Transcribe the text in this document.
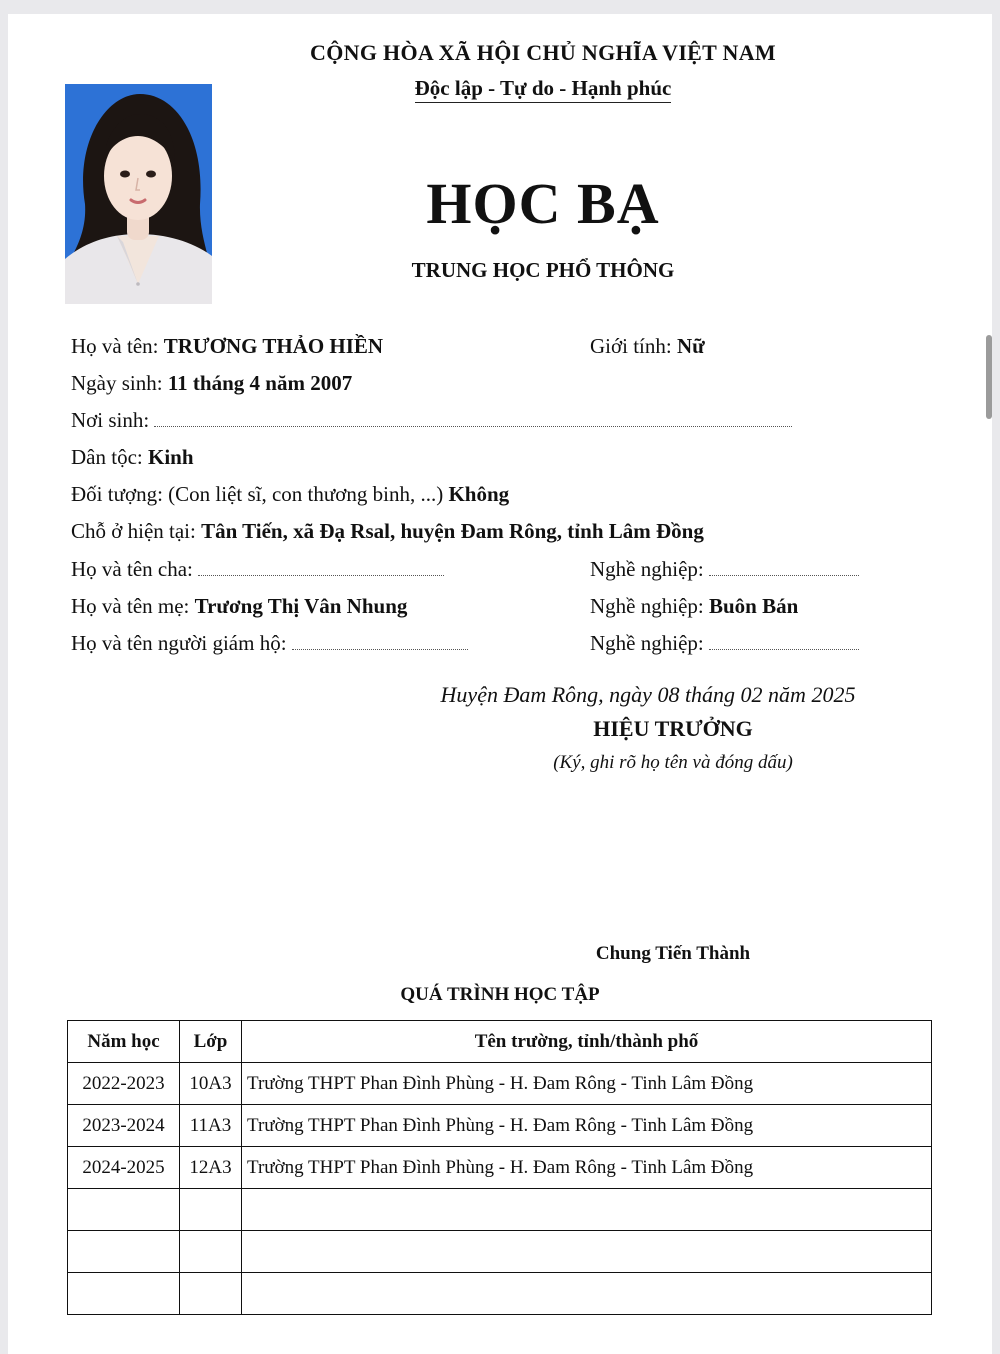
CỘNG HÒA XÃ HỘI CHỦ NGHĨA VIỆT NAM
Độc lập - Tự do - Hạnh phúc
HỌC BẠ
TRUNG HỌC PHỔ THÔNG
Họ và tên: TRƯƠNG THẢO HIỀN	Giới tính: Nữ
Ngày sinh: 11 tháng 4 năm 2007
Nơi sinh:
Dân tộc: Kinh
Đối tượng: (Con liệt sĩ, con thương binh, ...) Không
Chỗ ở hiện tại: Tân Tiến, xã Đạ Rsal, huyện Đam Rông, tỉnh Lâm Đồng
Họ và tên cha:	Nghề nghiệp:
Họ và tên mẹ: Trương Thị Vân Nhung	Nghề nghiệp: Buôn Bán
Họ và tên người giám hộ:	Nghề nghiệp:
Huyện Đam Rông, ngày 08 tháng 02 năm 2025
HIỆU TRƯỞNG
(Ký, ghi rõ họ tên và đóng dấu)
Chung Tiến Thành
QUÁ TRÌNH HỌC TẬP
Năm học	Lớp	Tên trường, tỉnh/thành phố
2022-2023	10A3	Trường THPT Phan Đình Phùng - H. Đam Rông - Tinh Lâm Đồng
2023-2024	11A3	Trường THPT Phan Đình Phùng - H. Đam Rông - Tinh Lâm Đồng
2024-2025	12A3	Trường THPT Phan Đình Phùng - H. Đam Rông - Tinh Lâm Đồng
